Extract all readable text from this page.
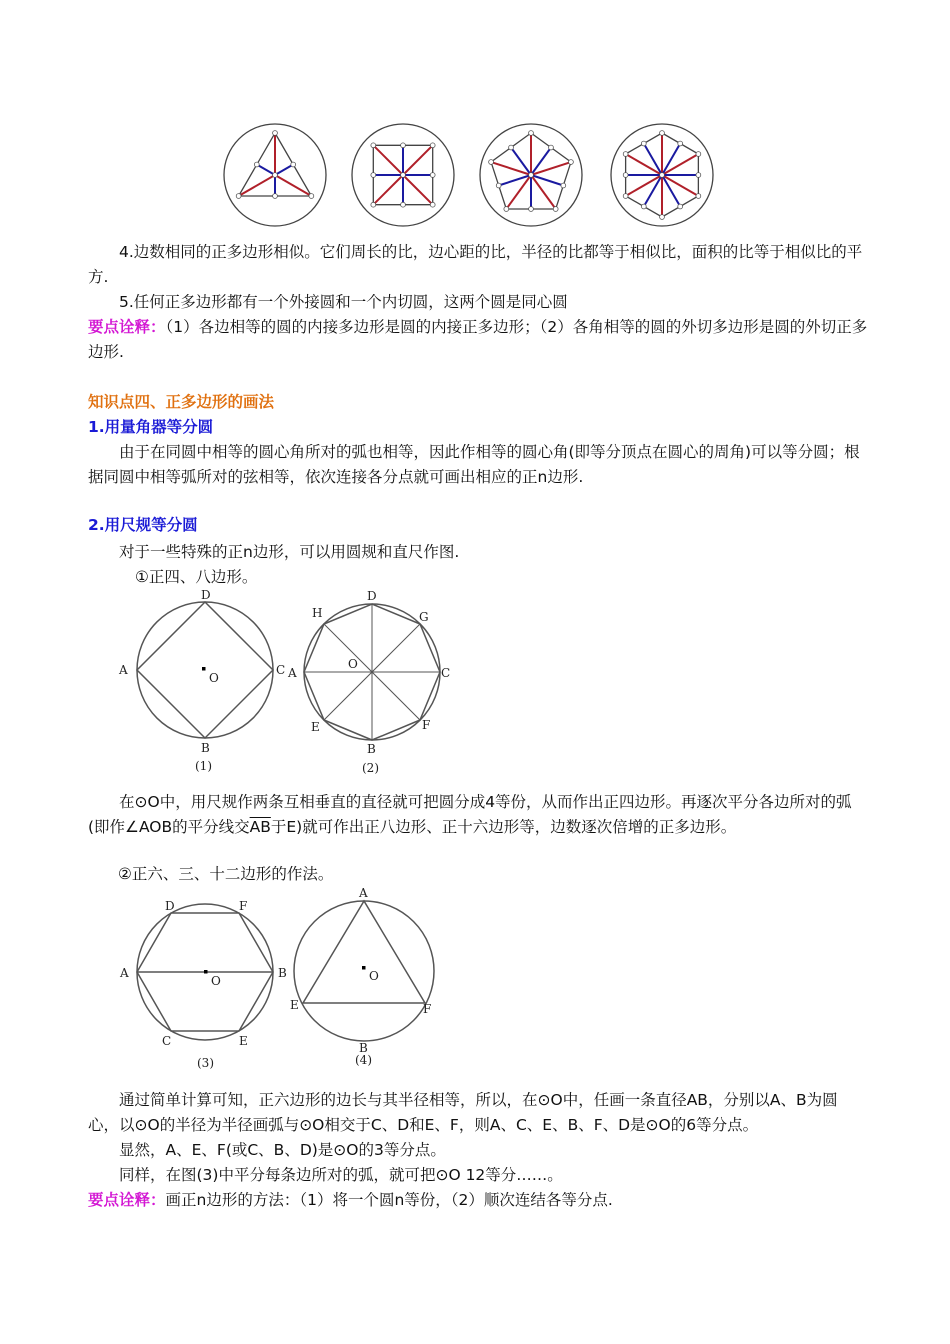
4.边数相同的正多边形相似。它们周长的比，边心距的比，半径的比都等于相似比，面积的比等于相似比的平方.
5.任何正多边形都有一个外接圆和一个内切圆，这两个圆是同心圆
要点诠释：（1）各边相等的圆的内接多边形是圆的内接正多边形；（2）各角相等的圆的外切多边形是圆的外切正多边形.
知识点四、正多边形的画法
1.用量角器等分圆
由于在同圆中相等的圆心角所对的弧也相等，因此作相等的圆心角(即等分顶点在圆心的周角)可以等分圆；根据同圆中相等弧所对的弦相等，依次连接各分点就可画出相应的正n边形.
2.用尺规等分圆
对于一些特殊的正n边形，可以用圆规和直尺作图.
①正四、八边形。
D
A	C
B
O
(1)
H
D
G
O
A	C
E	F
B
(2)
在⊙O中，用尺规作两条互相垂直的直径就可把圆分成4等份，从而作出正四边形。再逐次平分各边所对的弧(即作∠AOB的平分线交$\overline{AB}$于E)就可作出正八边形、正十六边形等，边数逐次倍增的正多边形。
②正六、三、十二边形的作法。
D	F
A	B
O
C	E
(3)
A
O
E	F
B
(4)
通过简单计算可知，正六边形的边长与其半径相等，所以，在⊙O中，任画一条直径AB，分别以A、B为圆心，以⊙O的半径为半径画弧与⊙O相交于C、D和E、F，则A、C、E、B、F、D是⊙O的6等分点。
显然，A、E、F(或C、B、D)是⊙O的3等分点。
同样，在图(3)中平分每条边所对的弧，就可把⊙O 12等分……。
要点诠释：画正n边形的方法：（1）将一个圆n等份，（2）顺次连结各等分点.
